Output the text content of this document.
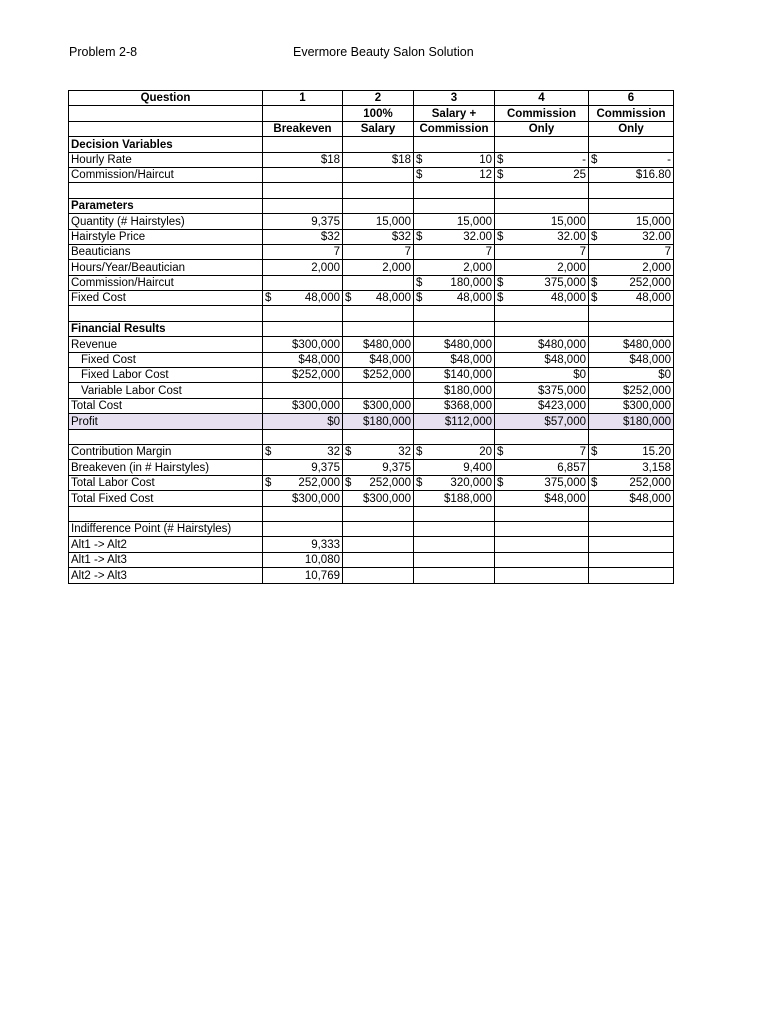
Problem 2-8	Evermore Beauty Salon Solution
Question	1	2	3	4	6
		100%	Salary +	Commission	Commission
	Breakeven	Salary	Commission	Only	Only
Decision Variables					
Hourly Rate	$18	$18	$ 10	$ -	$ -
Commission/Haircut			$ 12	$ 25	$16.80

Parameters					
Quantity (# Hairstyles)	9,375	15,000	15,000	15,000	15,000
Hairstyle Price	$32	$32	$ 32.00	$ 32.00	$ 32.00
Beauticians	7	7	7	7	7
Hours/Year/Beautician	2,000	2,000	2,000	2,000	2,000
Commission/Haircut			$ 180,000	$ 375,000	$ 252,000
Fixed Cost	$ 48,000	$ 48,000	$ 48,000	$ 48,000	$ 48,000

Financial Results					
Revenue	$300,000	$480,000	$480,000	$480,000	$480,000
Fixed Cost	$48,000	$48,000	$48,000	$48,000	$48,000
Fixed Labor Cost	$252,000	$252,000	$140,000	$0	$0
Variable Labor Cost			$180,000	$375,000	$252,000
Total Cost	$300,000	$300,000	$368,000	$423,000	$300,000
Profit	$0	$180,000	$112,000	$57,000	$180,000

Contribution Margin	$ 32	$ 32	$ 20	$ 7	$ 15.20
Breakeven (in # Hairstyles)	9,375	9,375	9,400	6,857	3,158
Total Labor Cost	$ 252,000	$ 252,000	$ 320,000	$ 375,000	$ 252,000
Total Fixed Cost	$300,000	$300,000	$188,000	$48,000	$48,000

Indifference Point (# Hairstyles)					
Alt1 -> Alt2	9,333				
Alt1 -> Alt3	10,080				
Alt2 -> Alt3	10,769				
